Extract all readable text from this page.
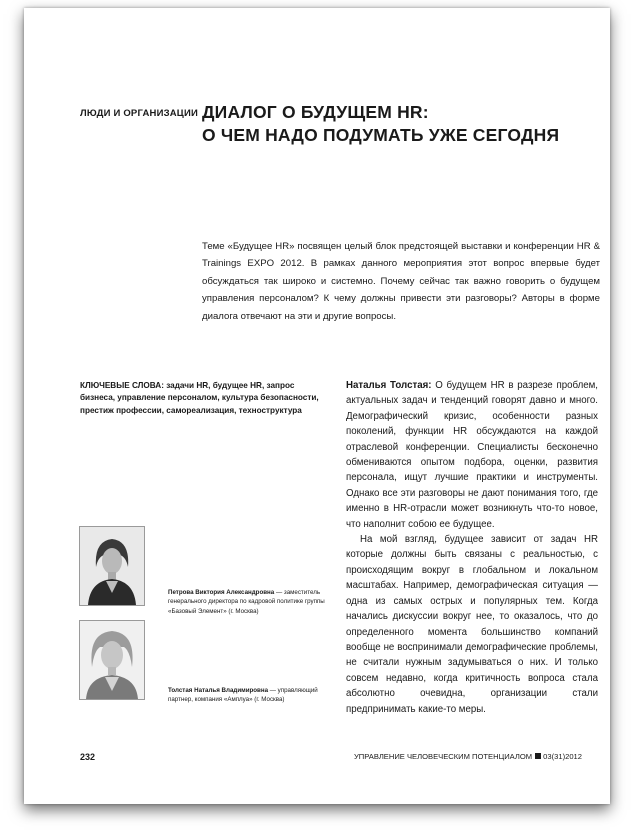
ЛЮДИ И ОРГАНИЗАЦИИ ДИАЛОГ О БУДУЩЕМ HR:
О ЧЕМ НАДО ПОДУМАТЬ УЖЕ СЕГОДНЯ

Теме «Будущее HR» посвящен целый блок предстоящей выставки и конференции HR & Trainings EXPO 2012. В рамках данного мероприятия этот вопрос впервые будет обсуждаться так широко и системно. Почему сейчас так важно говорить о будущем управления персоналом? К чему должны привести эти разговоры? Авторы в форме диалога отвечают на эти и другие вопросы.

КЛЮЧЕВЫЕ СЛОВА: задачи HR, будущее HR, запрос бизнеса, управление персоналом, культура безопасности, престиж профессии, самореализация, техноструктура

Петрова Виктория Александровна — заместитель генерального директора по кадровой политике группы «Базовый Элемент» (г. Москва)
Толстая Наталья Владимировна — управляющий партнер, компания «Амплуа» (г. Москва)

Наталья Толстая: О будущем HR в разрезе проблем, актуальных задач и тенденций говорят давно и много. Демографический кризис, особенности разных поколений, функции HR обсуждаются на каждой отраслевой конференции. Специалисты бесконечно обмениваются опытом подбора, оценки, развития персонала, ищут лучшие практики и инструменты. Однако все эти разговоры не дают понимания того, где именно в HR-отрасли может возникнуть что-то новое, что наполнит собою ее будущее.

На мой взгляд, будущее зависит от задач HR которые должны быть связаны с реальностью, с происходящим вокруг в глобальном и локальном масштабах. Например, демографическая ситуация — одна из самых острых и популярных тем. Когда начались дискуссии вокруг нее, то оказалось, что до определенного момента большинство компаний вообще не воспринимали демографические проблемы, не считали нужным задумываться о них. И только совсем недавно, когда критичность вопроса стала абсолютно очевидна, организации стали предпринимать какие-то меры.

232	УПРАВЛЕНИЕ ЧЕЛОВЕЧЕСКИМ ПОТЕНЦИАЛОМ 03(31)2012
